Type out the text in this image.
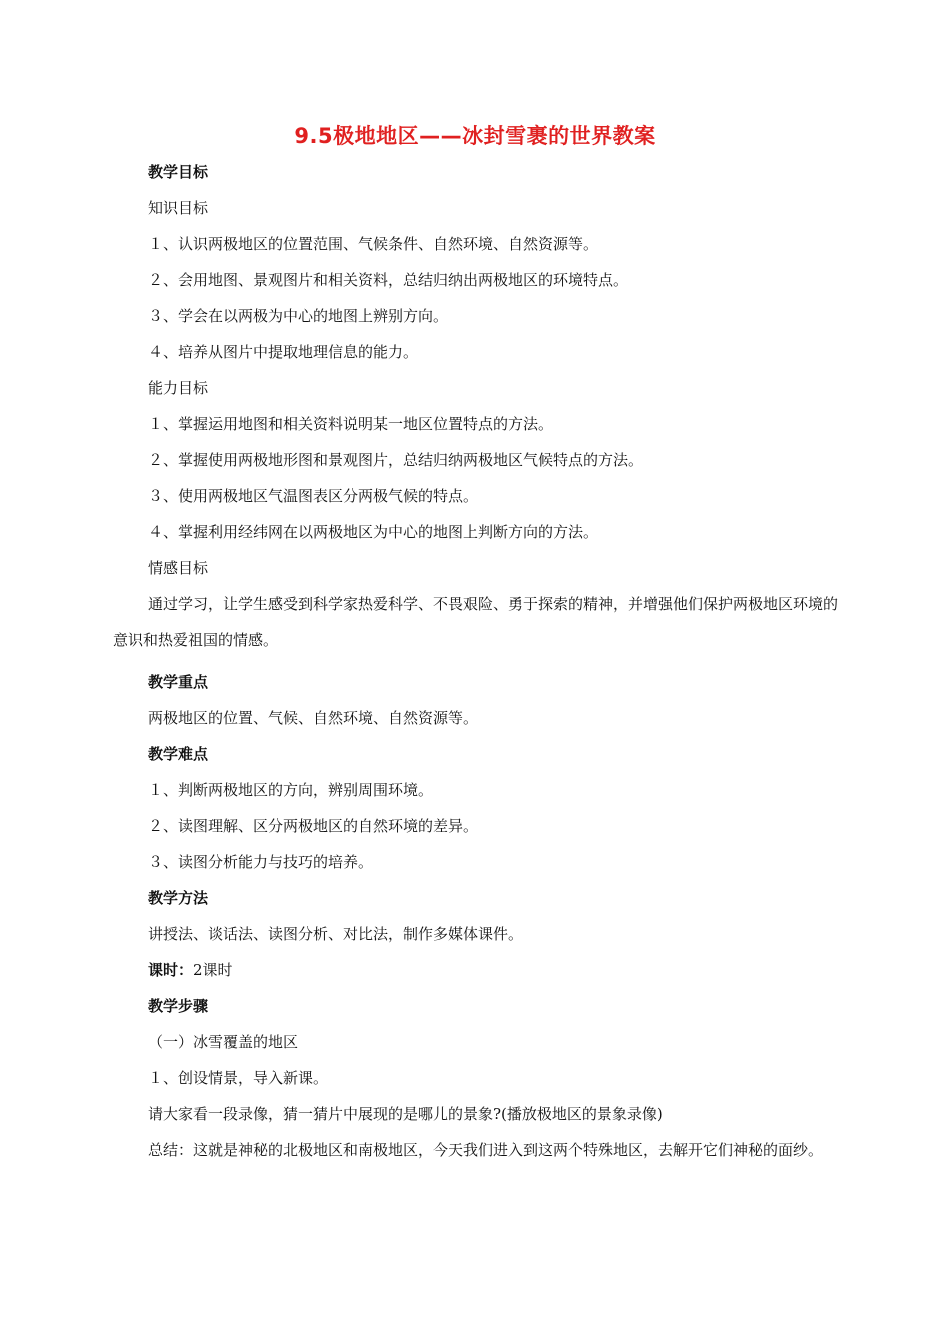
9.5极地地区——冰封雪裹的世界教案
教学目标
知识目标
１、认识两极地区的位置范围、气候条件、自然环境、自然资源等。
２、会用地图、景观图片和相关资料，总结归纳出两极地区的环境特点。
３、学会在以两极为中心的地图上辨别方向。
４、培养从图片中提取地理信息的能力。
能力目标
１、掌握运用地图和相关资料说明某一地区位置特点的方法。
２、掌握使用两极地形图和景观图片，总结归纳两极地区气候特点的方法。
３、使用两极地区气温图表区分两极气候的特点。
４、掌握利用经纬网在以两极地区为中心的地图上判断方向的方法。
情感目标
通过学习，让学生感受到科学家热爱科学、不畏艰险、勇于探索的精神，并增强他们保护两极地区环境的意识和热爱祖国的情感。
教学重点
两极地区的位置、气候、自然环境、自然资源等。
教学难点
１、判断两极地区的方向，辨别周围环境。
２、读图理解、区分两极地区的自然环境的差异。
３、读图分析能力与技巧的培养。
教学方法
讲授法、谈话法、读图分析、对比法，制作多媒体课件。
课时：2课时
教学步骤
（一）冰雪覆盖的地区
１、创设情景，导入新课。
请大家看一段录像，猜一猜片中展现的是哪儿的景象?(播放极地区的景象录像)
总结：这就是神秘的北极地区和南极地区，今天我们进入到这两个特殊地区，去解开它们神秘的面纱。
